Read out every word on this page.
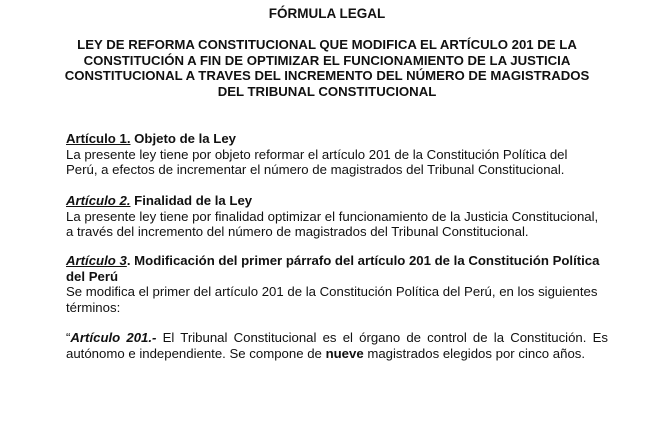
FÓRMULA LEGAL
LEY DE REFORMA CONSTITUCIONAL QUE MODIFICA EL ARTÍCULO 201 DE LA CONSTITUCIÓN A FIN DE OPTIMIZAR EL FUNCIONAMIENTO DE LA JUSTICIA CONSTITUCIONAL A TRAVES DEL INCREMENTO DEL NÚMERO DE MAGISTRADOS DEL TRIBUNAL CONSTITUCIONAL
Artículo 1. Objeto de la Ley
La presente ley tiene por objeto reformar el artículo 201 de la Constitución Política del Perú, a efectos de incrementar el número de magistrados del Tribunal Constitucional.
Artículo 2. Finalidad de la Ley
La presente ley tiene por finalidad optimizar el funcionamiento de la Justicia Constitucional, a través del incremento del número de magistrados del Tribunal Constitucional.
Artículo 3. Modificación del primer párrafo del artículo 201 de la Constitución Política del Perú
Se modifica el primer del artículo 201 de la Constitución Política del Perú, en los siguientes términos:
“Artículo 201.- El Tribunal Constitucional es el órgano de control de la Constitución. Es autónomo e independiente. Se compone de nueve magistrados elegidos por cinco años.
